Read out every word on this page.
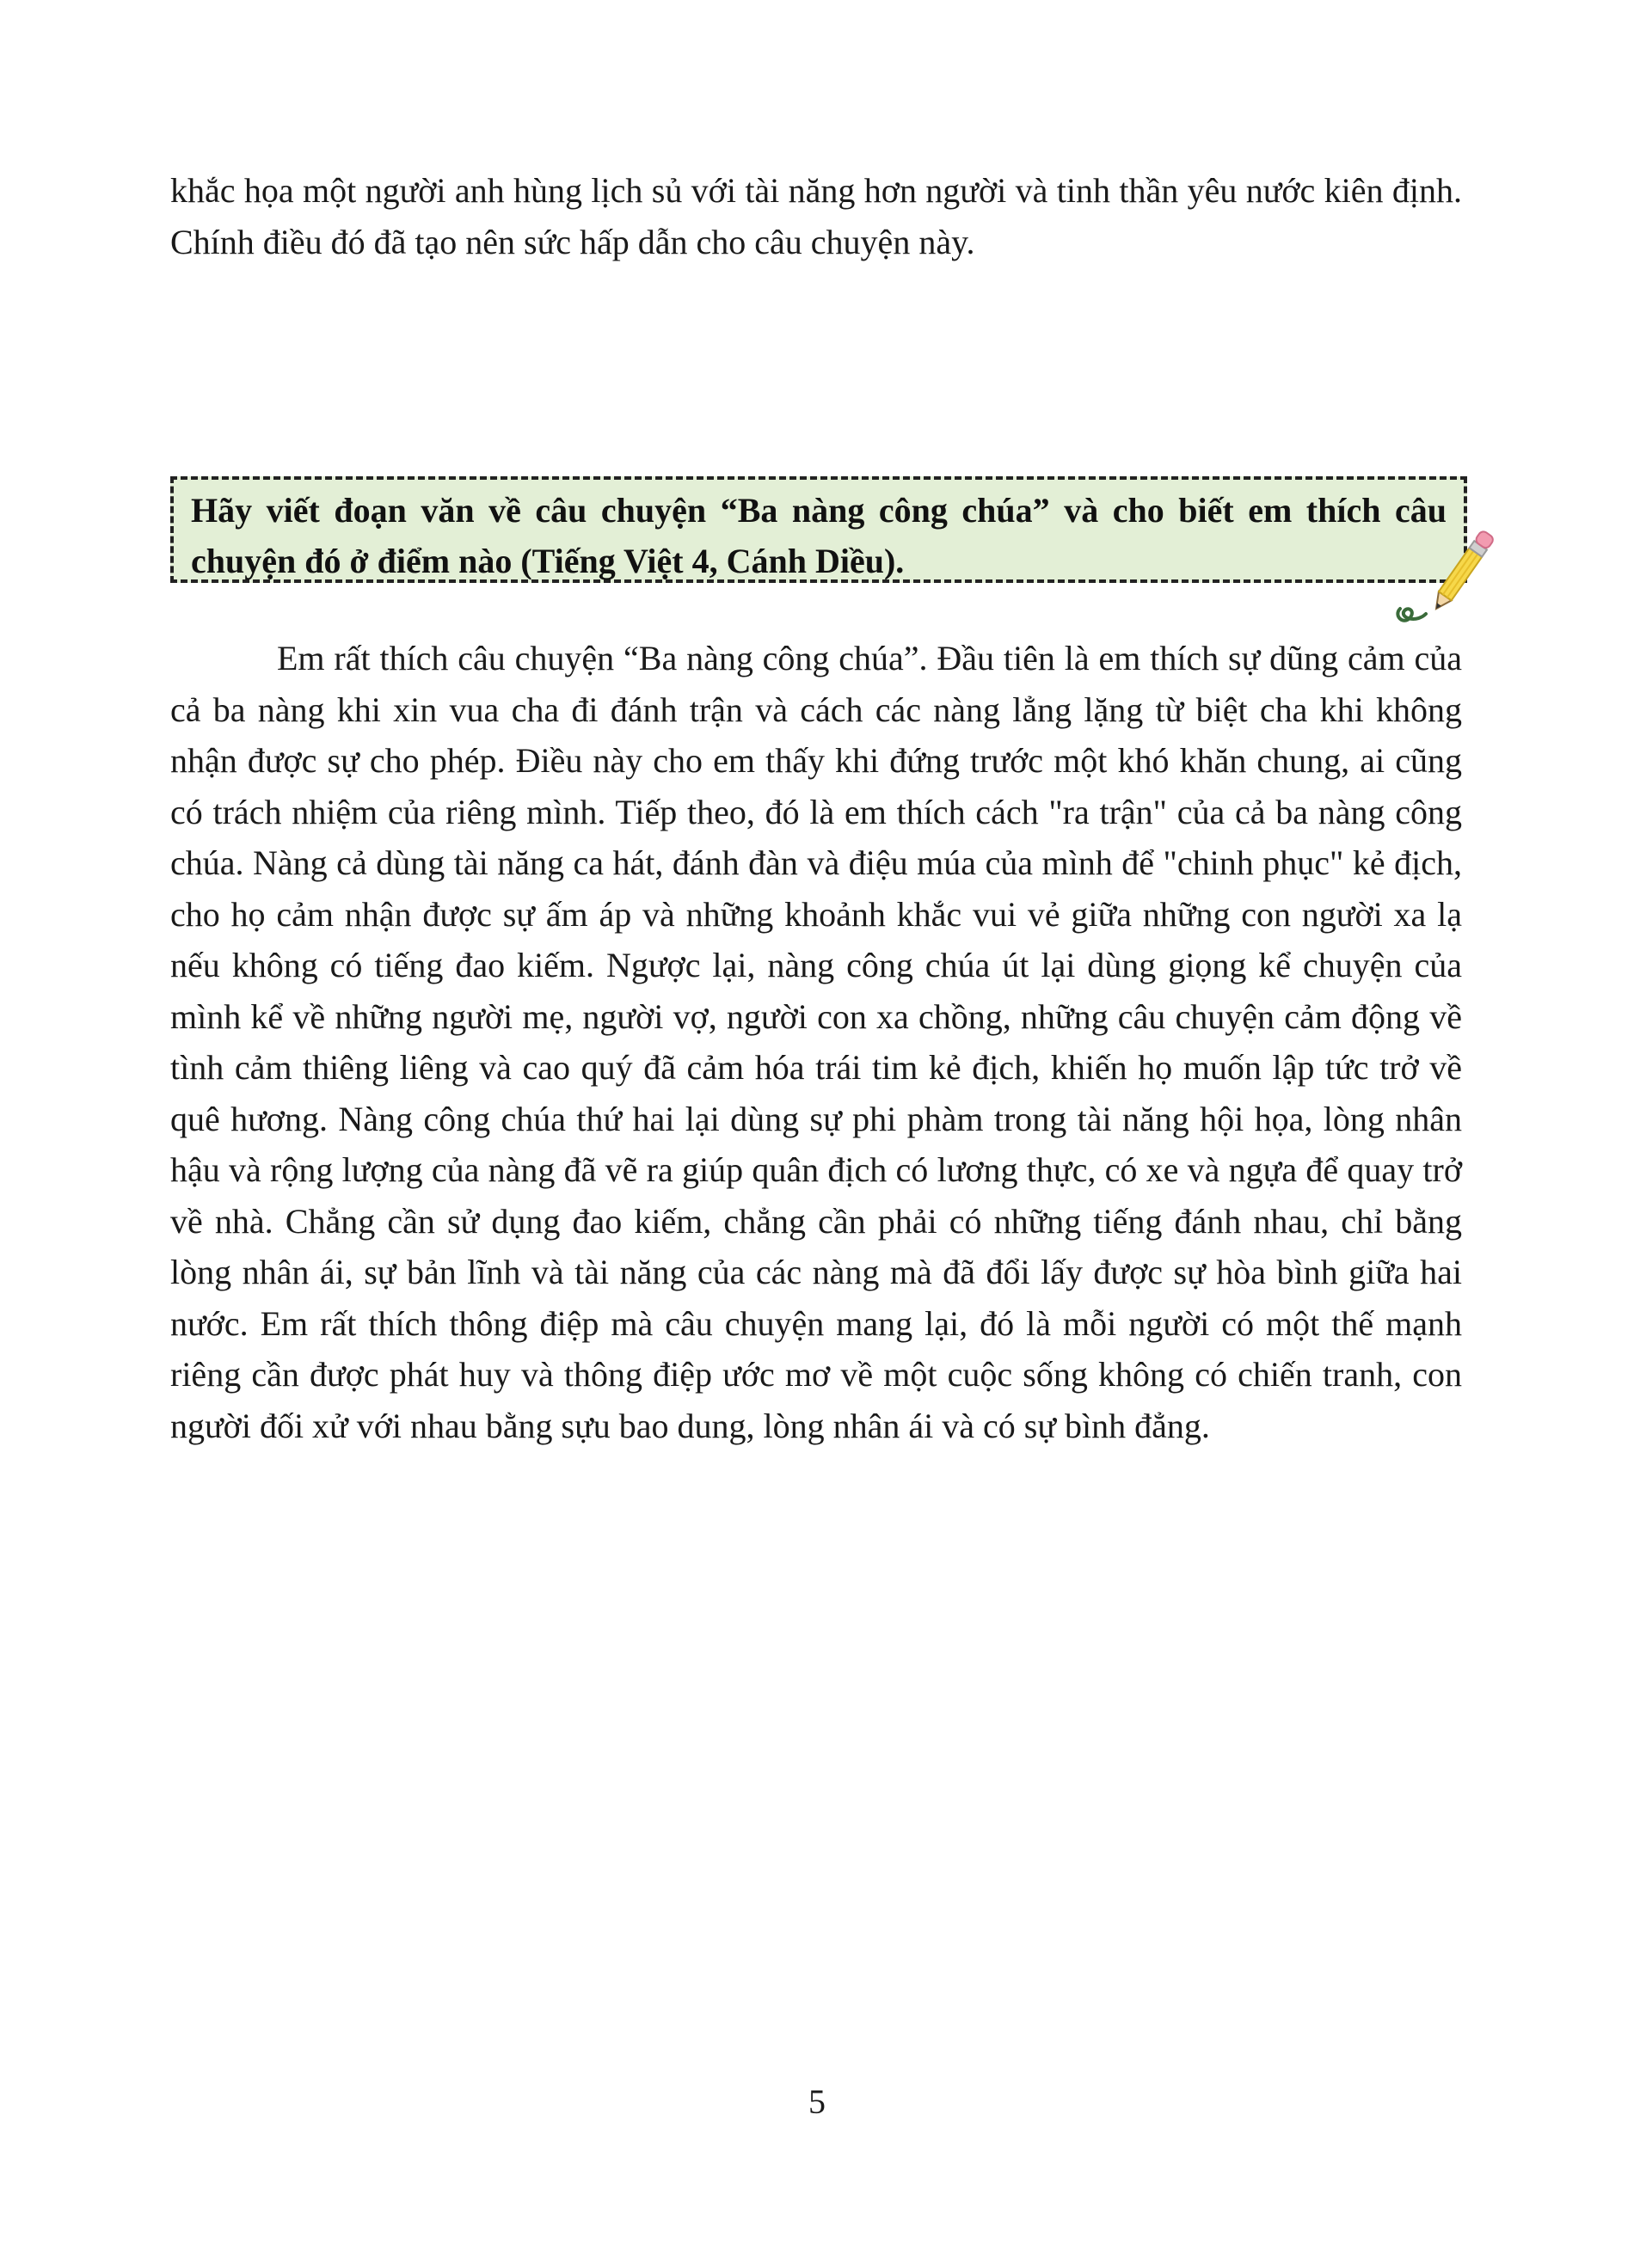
khắc họa một người anh hùng lịch sủ với tài năng hơn người và tinh thần yêu nước kiên định. Chính điều đó đã tạo nên sức hấp dẫn cho câu chuyện này.

Hãy viết đoạn văn về câu chuyện “Ba nàng công chúa” và cho biết em thích câu chuyện đó ở điểm nào (Tiếng Việt 4, Cánh Diều).

Em rất thích câu chuyện “Ba nàng công chúa”. Đầu tiên là em thích sự dũng cảm của cả ba nàng khi xin vua cha đi đánh trận và cách các nàng lẳng lặng từ biệt cha khi không nhận được sự cho phép. Điều này cho em thấy khi đứng trước một khó khăn chung, ai cũng có trách nhiệm của riêng mình. Tiếp theo, đó là em thích cách "ra trận" của cả ba nàng công chúa. Nàng cả dùng tài năng ca hát, đánh đàn và điệu múa của mình để "chinh phục" kẻ địch, cho họ cảm nhận được sự ấm áp và những khoảnh khắc vui vẻ giữa những con người xa lạ nếu không có tiếng đao kiếm. Ngược lại, nàng công chúa út lại dùng giọng kể chuyện của mình kể về những người mẹ, người vợ, người con xa chồng, những câu chuyện cảm động về tình cảm thiêng liêng và cao quý đã cảm hóa trái tim kẻ địch, khiến họ muốn lập tức trở về quê hương. Nàng công chúa thứ hai lại dùng sự phi phàm trong tài năng hội họa, lòng nhân hậu và rộng lượng của nàng đã vẽ ra giúp quân địch có lương thực, có xe và ngựa để quay trở về nhà. Chẳng cần sử dụng đao kiếm, chẳng cần phải có những tiếng đánh nhau, chỉ bằng lòng nhân ái, sự bản lĩnh và tài năng của các nàng mà đã đổi lấy được sự hòa bình giữa hai nước. Em rất thích thông điệp mà câu chuyện mang lại, đó là mỗi người có một thế mạnh riêng cần được phát huy và thông điệp ước mơ về một cuộc sống không có chiến tranh, con người đối xử với nhau bằng sựu bao dung, lòng nhân ái và có sự bình đẳng.

5
